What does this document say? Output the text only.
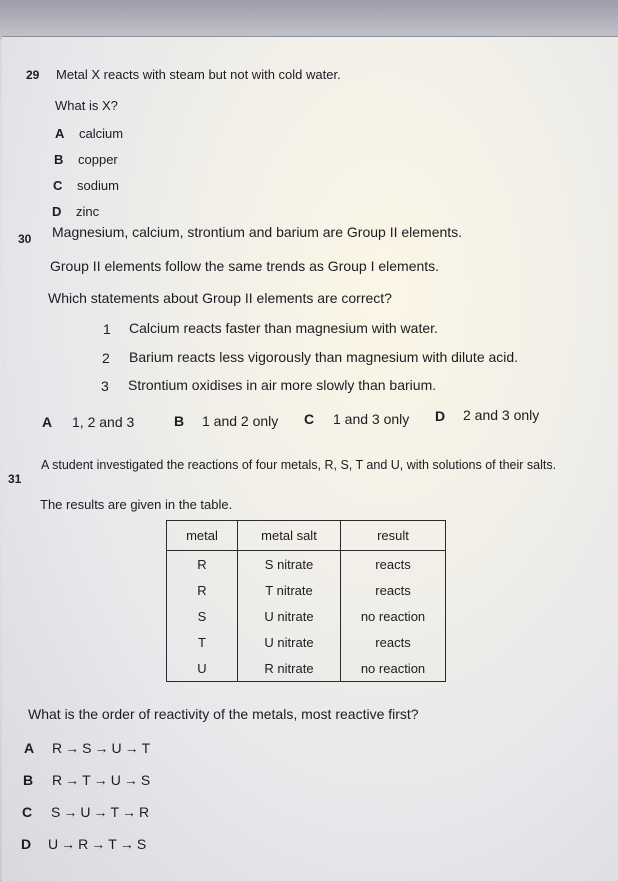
29 Metal X reacts with steam but not with cold water.
What is X?
A calcium
B copper
C sodium
D zinc
30 Magnesium, calcium, strontium and barium are Group II elements.
Group II elements follow the same trends as Group I elements.
Which statements about Group II elements are correct?
1 Calcium reacts faster than magnesium with water.
2 Barium reacts less vigorously than magnesium with dilute acid.
3 Strontium oxidises in air more slowly than barium.
A 1, 2 and 3	B 1 and 2 only C 1 and 3 only D 2 and 3 only
31
A student investigated the reactions of four metals, R, S, T and U, with solutions of their salts.
The results are given in the table.
metal	metal salt	result
R	S nitrate	reacts
R	T nitrate	reacts
S	U nitrate	no reaction
T	U nitrate	reacts
U	R nitrate	no reaction
What is the order of reactivity of the metals, most reactive first?
A R → S → U → T
B R → T → U → S
C S → U → T → R
D U → R → T → S
